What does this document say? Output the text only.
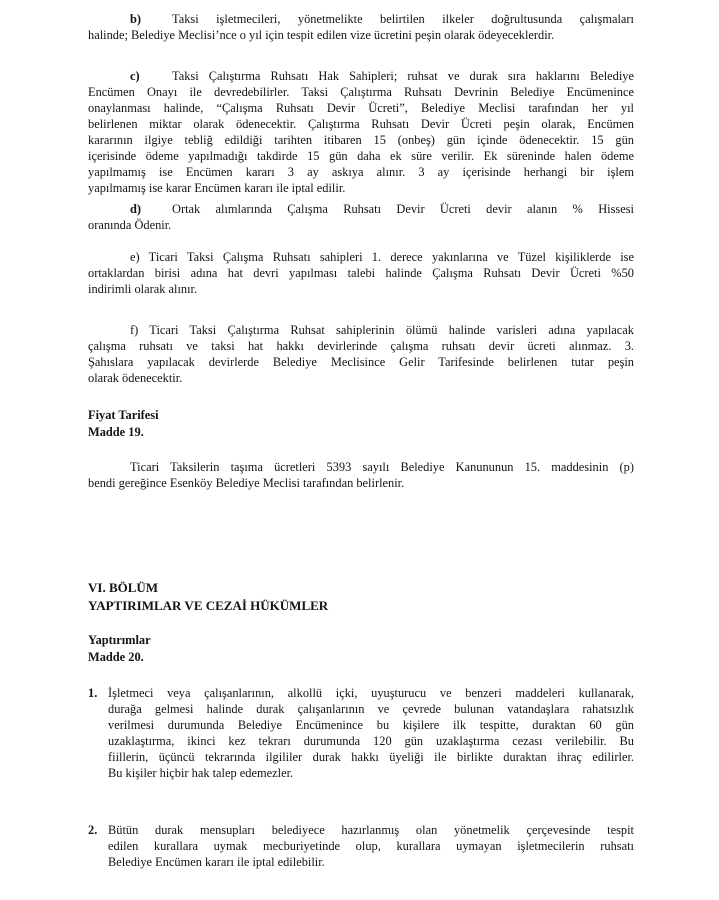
b) Taksi işletmecileri, yönetmelikte belirtilen ilkeler doğrultusunda çalışmaları
halinde; Belediye Meclisi’nce o yıl için tespit edilen vize ücretini peşin olarak ödeyeceklerdir.
c)	Taksi Çalıştırma Ruhsatı Hak Sahipleri; ruhsat ve durak sıra haklarını Belediye
Encümen Onayı ile devredebilirler. Taksi Çalıştırma Ruhsatı Devrinin Belediye Encümenince
onaylanması halinde, “Çalışma Ruhsatı Devir Ücreti”, Belediye Meclisi tarafından her yıl
belirlenen miktar olarak ödenecektir. Çalıştırma Ruhsatı Devir Ücreti peşin olarak, Encümen
kararının ilgiye tebliğ edildiği tarihten itibaren 15 (onbeş) gün içinde ödenecektir. 15 gün
içerisinde ödeme yapılmadığı takdirde 15 gün daha ek süre verilir. Ek süreninde halen ödeme
yapılmamış ise Encümen kararı 3 ay askıya alınır. 3 ay içerisinde herhangi bir işlem
yapılmamış ise karar Encümen kararı ile iptal edilir.
d) Ortak alımlarında Çalışma Ruhsatı Devir Ücreti devir alanın % Hissesi
oranında Ödenir.
e) Ticari Taksi Çalışma Ruhsatı sahipleri 1. derece yakınlarına ve Tüzel kişiliklerde ise
ortaklardan birisi adına hat devri yapılması talebi halinde Çalışma Ruhsatı Devir Ücreti %50
indirimli olarak alınır.
f) Ticari Taksi Çalıştırma Ruhsat sahiplerinin ölümü halinde varisleri adına yapılacak
çalışma ruhsatı ve taksi hat hakkı devirlerinde çalışma ruhsatı devir ücreti alınmaz. 3.
Şahıslara yapılacak devirlerde Belediye Meclisince Gelir Tarifesinde belirlenen tutar peşin
olarak ödenecektir.
Fiyat Tarifesi
Madde 19.
Ticari Taksilerin taşıma ücretleri 5393 sayılı Belediye Kanununun 15. maddesinin (p)
bendi gereğince Esenköy Belediye Meclisi tarafından belirlenir.
VI. BÖLÜM
YAPTIRIMLAR VE CEZAİ HÜKÜMLER
Yaptırımlar
Madde 20.
1. İşletmeci veya çalışanlarının, alkollü içki, uyuşturucu ve benzeri maddeleri kullanarak,
durağa gelmesi halinde durak çalışanlarının ve çevrede bulunan vatandaşlara rahatsızlık
verilmesi durumunda Belediye Encümenince bu kişilere ilk tespitte, duraktan 60 gün
uzaklaştırma, ikinci kez tekrarı durumunda 120 gün uzaklaştırma cezası verilebilir. Bu
fiillerin, üçüncü tekrarında ilgililer durak hakkı üyeliği ile birlikte duraktan ihraç edilirler.
Bu kişiler hiçbir hak talep edemezler.
2. Bütün durak mensupları belediyece hazırlanmış olan yönetmelik çerçevesinde tespit
edilen kurallara uymak mecburiyetinde olup, kurallara uymayan işletmecilerin ruhsatı
Belediye Encümen kararı ile iptal edilebilir.
